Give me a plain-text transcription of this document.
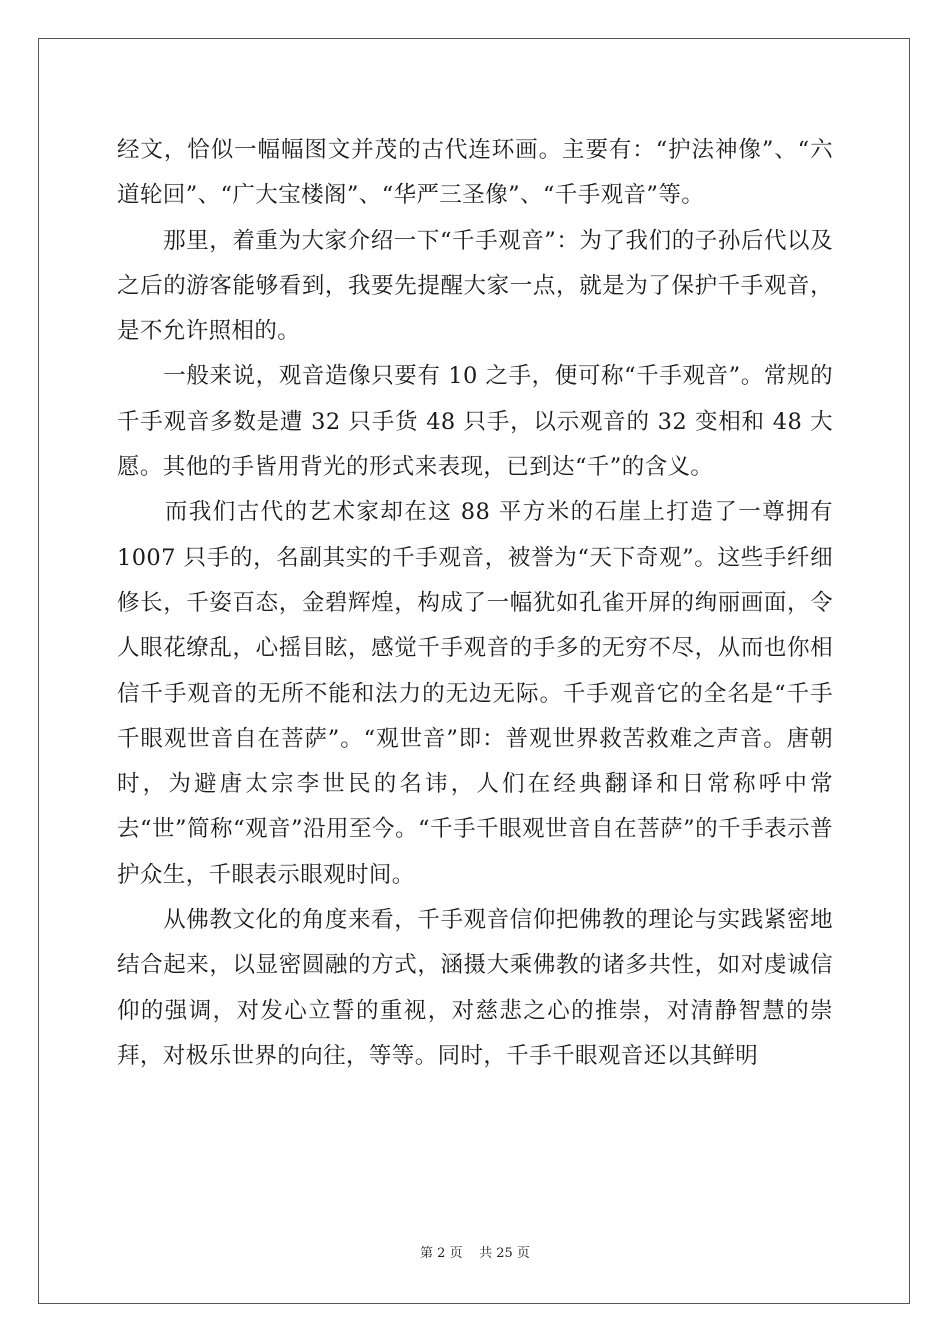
经文，恰似一幅幅图文并茂的古代连环画。主要有：“护法神像”、“六道轮回”、“广大宝楼阁”、“华严三圣像”、“千手观音”等。

　　那里，着重为大家介绍一下“千手观音”：为了我们的子孙后代以及之后的游客能够看到，我要先提醒大家一点，就是为了保护千手观音，是不允许照相的。

　　一般来说，观音造像只要有 10 之手，便可称“千手观音”。常规的千手观音多数是遭 32 只手货 48 只手，以示观音的 32 变相和 48 大愿。其他的手皆用背光的形式来表现，已到达“千”的含义。

　　而我们古代的艺术家却在这 88 平方米的石崖上打造了一尊拥有 1007 只手的，名副其实的千手观音，被誉为“天下奇观”。这些手纤细修长，千姿百态，金碧辉煌，构成了一幅犹如孔雀开屏的绚丽画面，令人眼花缭乱，心摇目眩，感觉千手观音的手多的无穷不尽，从而也你相信千手观音的无所不能和法力的无边无际。千手观音它的全名是“千手千眼观世音自在菩萨”。“观世音”即：普观世界救苦救难之声音。唐朝时，为避唐太宗李世民的名讳，人们在经典翻译和日常称呼中常去“世”简称“观音”沿用至今。“千手千眼观世音自在菩萨”的千手表示普护众生，千眼表示眼观时间。

　　从佛教文化的角度来看，千手观音信仰把佛教的理论与实践紧密地结合起来，以显密圆融的方式，涵摄大乘佛教的诸多共性，如对虔诚信仰的强调，对发心立誓的重视，对慈悲之心的推崇，对清静智慧的崇拜，对极乐世界的向往，等等。同时，千手千眼观音还以其鲜明

第 2 页 共 25 页
